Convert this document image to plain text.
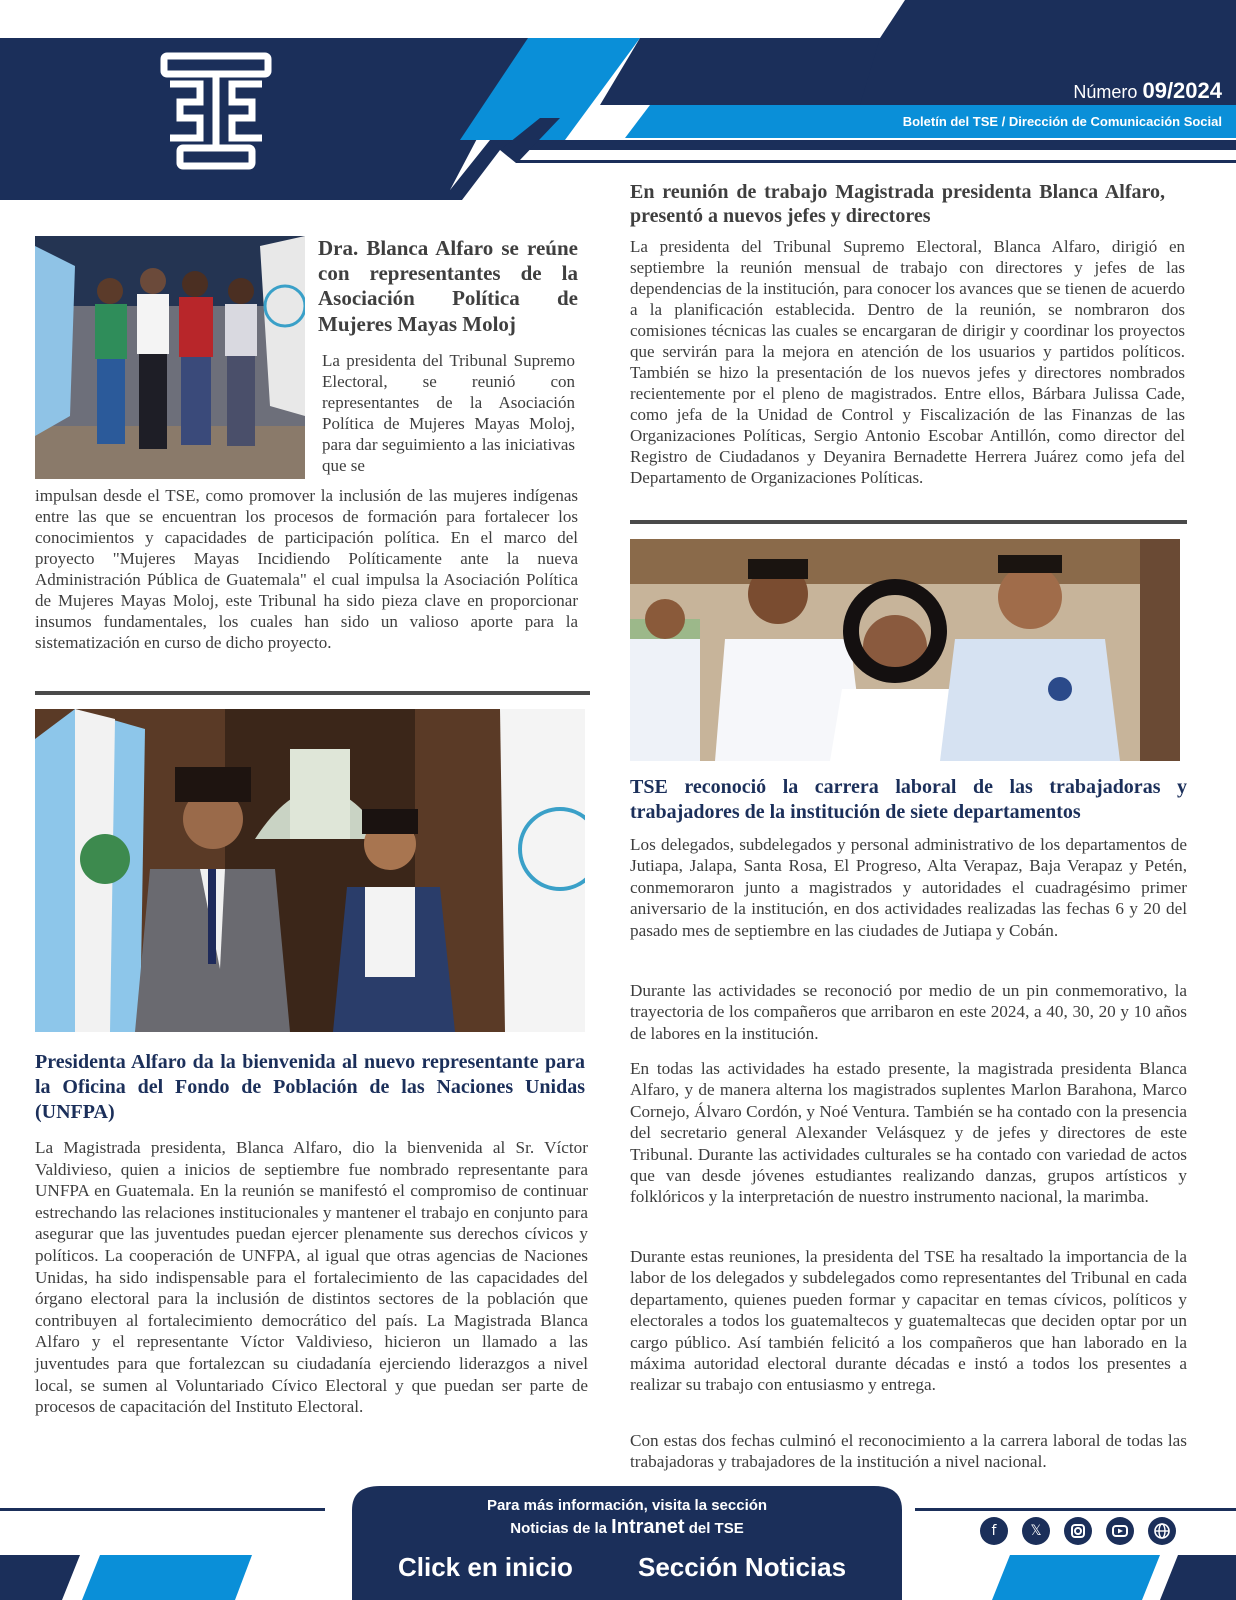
Número 09/2024
Boletín del TSE / Dirección de Comunicación Social
Dra. Blanca Alfaro se reúne con representantes de la Asociación Política de Mujeres Mayas Moloj
La presidenta del Tribunal Supremo Electoral, se reunió con representantes de la Asociación Política de Mujeres Mayas Moloj, para dar seguimiento a las iniciativas que se
impulsan desde el TSE, como promover la inclusión de las mujeres indígenas entre las que se encuentran los procesos de formación para fortalecer los conocimientos y capacidades de participación política. En el marco del proyecto "Mujeres Mayas Incidiendo Políticamente ante la nueva Administración Pública de Guatemala" el cual impulsa la Asociación Política de Mujeres Mayas Moloj, este Tribunal ha sido pieza clave en proporcionar insumos fundamentales, los cuales han sido un valioso aporte para la sistematización en curso de dicho proyecto.
Presidenta Alfaro da la bienvenida al nuevo representante para la Oficina del Fondo de Población de las Naciones Unidas (UNFPA)
La Magistrada presidenta, Blanca Alfaro, dio la bienvenida al Sr. Víctor Valdivieso, quien a inicios de septiembre fue nombrado representante para UNFPA en Guatemala. En la reunión se manifestó el compromiso de continuar estrechando las relaciones institucionales y mantener el trabajo en conjunto para asegurar que las juventudes puedan ejercer plenamente sus derechos cívicos y políticos. La cooperación de UNFPA, al igual que otras agencias de Naciones Unidas, ha sido indispensable para el fortalecimiento de las capacidades del órgano electoral para la inclusión de distintos sectores de la población que contribuyen al fortalecimiento democrático del país. La Magistrada Blanca Alfaro y el representante Víctor Valdivieso, hicieron un llamado a las juventudes para que fortalezcan su ciudadanía ejerciendo liderazgos a nivel local, se sumen al Voluntariado Cívico Electoral y que puedan ser parte de procesos de capacitación del Instituto Electoral.
En reunión de trabajo Magistrada presidenta Blanca Alfaro, presentó a nuevos jefes y directores
La presidenta del Tribunal Supremo Electoral, Blanca Alfaro, dirigió en septiembre la reunión mensual de trabajo con directores y jefes de las dependencias de la institución, para conocer los avances que se tienen de acuerdo a la planificación establecida. Dentro de la reunión, se nombraron dos comisiones técnicas las cuales se encargaran de dirigir y coordinar los proyectos que servirán para la mejora en atención de los usuarios y partidos políticos. También se hizo la presentación de los nuevos jefes y directores nombrados recientemente por el pleno de magistrados. Entre ellos, Bárbara Julissa Cade, como jefa de la Unidad de Control y Fiscalización de las Finanzas de las Organizaciones Políticas, Sergio Antonio Escobar Antillón, como director del Registro de Ciudadanos y Deyanira Bernadette Herrera Juárez como jefa del Departamento de Organizaciones Políticas.
TSE reconoció la carrera laboral de las trabajadoras y trabajadores de la institución de siete departamentos
Los delegados, subdelegados y personal administrativo de los departamentos de Jutiapa, Jalapa, Santa Rosa, El Progreso, Alta Verapaz, Baja Verapaz y Petén, conmemoraron junto a magistrados y autoridades el cuadragésimo primer aniversario de la institución, en dos actividades realizadas las fechas 6 y 20 del pasado mes de septiembre en las ciudades de Jutiapa y Cobán.
Durante las actividades se reconoció por medio de un pin conmemorativo, la trayectoria de los compañeros que arribaron en este 2024, a 40, 30, 20 y 10 años de labores en la institución.
En todas las actividades ha estado presente, la magistrada presidenta Blanca Alfaro, y de manera alterna los magistrados suplentes Marlon Barahona, Marco Cornejo, Álvaro Cordón, y Noé Ventura. También se ha contado con la presencia del secretario general Alexander Velásquez y de jefes y directores de este Tribunal. Durante las actividades culturales se ha contado con variedad de actos que van desde jóvenes estudiantes realizando danzas, grupos artísticos y folklóricos y la interpretación de nuestro instrumento nacional, la marimba.
Durante estas reuniones, la presidenta del TSE ha resaltado la importancia de la labor de los delegados y subdelegados como representantes del Tribunal en cada departamento, quienes pueden formar y capacitar en temas cívicos, políticos y electorales a todos los guatemaltecos y guatemaltecas que deciden optar por un cargo público. Así también felicitó a los compañeros que han laborado en la máxima autoridad electoral durante décadas e instó a todos los presentes a realizar su trabajo con entusiasmo y entrega.
Con estas dos fechas culminó el reconocimiento a la carrera laboral de todas las trabajadoras y trabajadores de la institución a nivel nacional.
Para más información, visita la sección
Noticias de la Intranet del TSE
Click en inicio	Sección Noticias
f	𝕏
